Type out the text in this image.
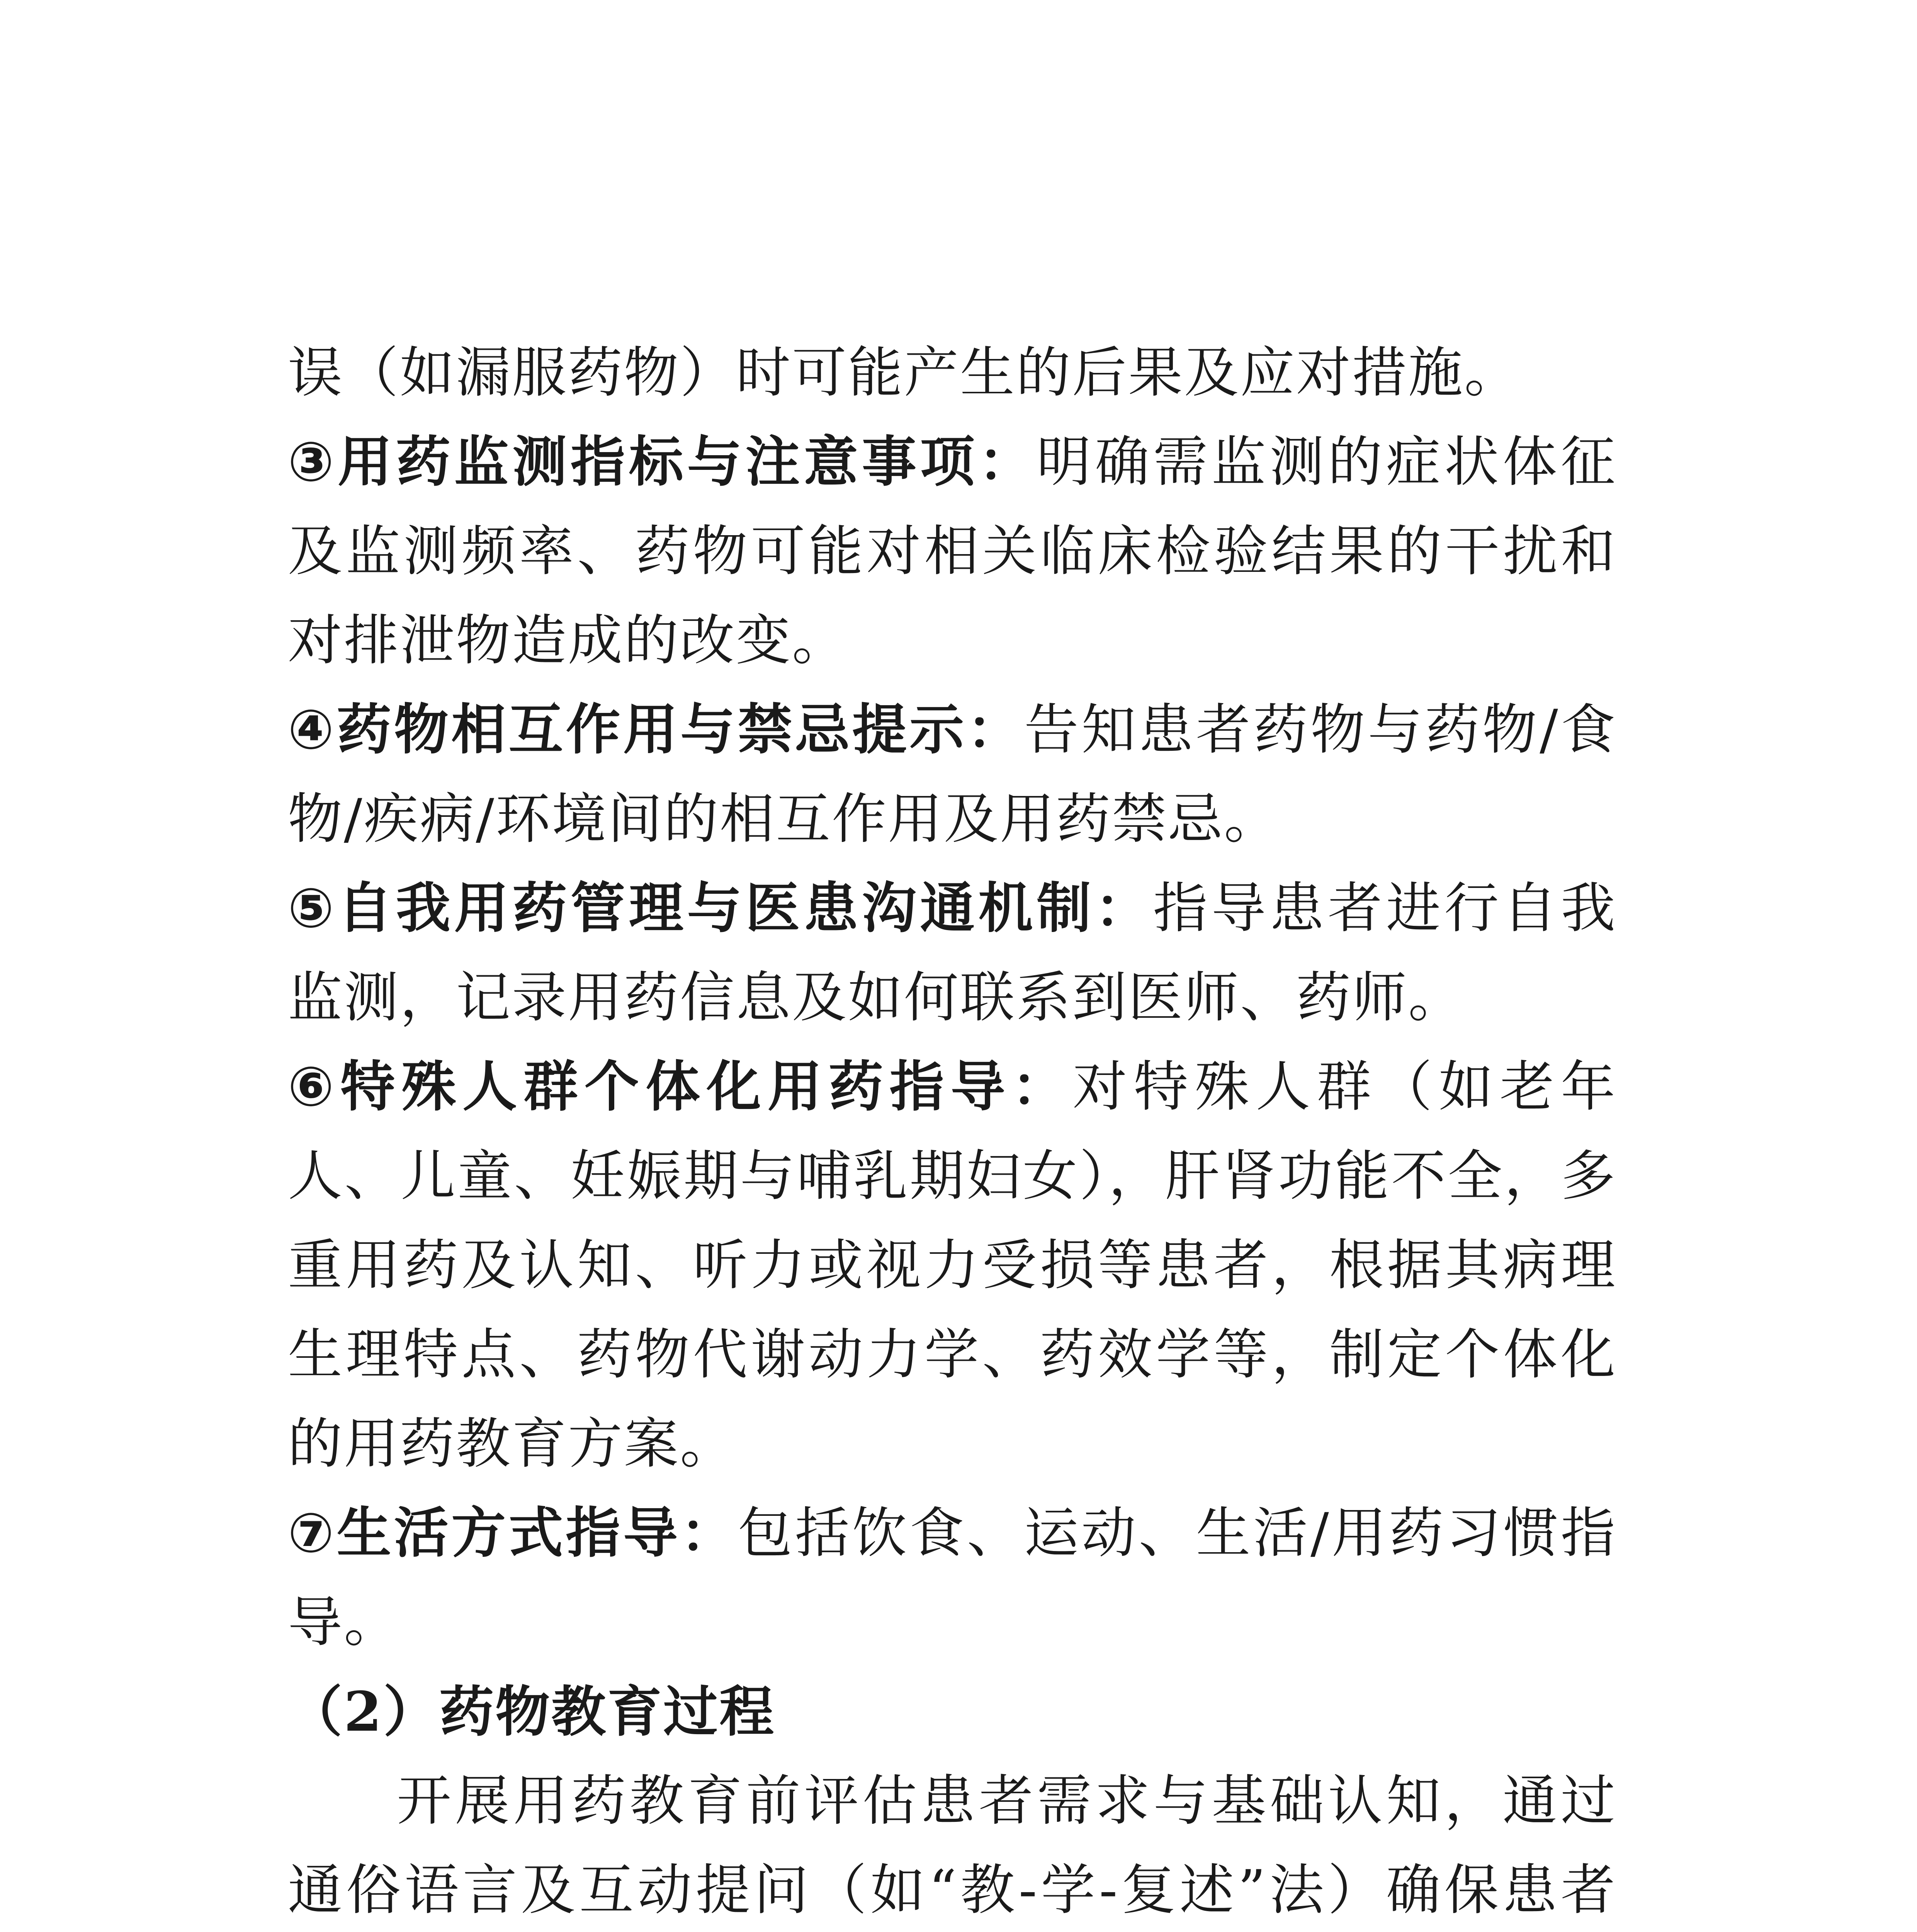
误（如漏服药物）时可能产生的后果及应对措施。

③用药监测指标与注意事项：明确需监测的症状体征及监测频率、药物可能对相关临床检验结果的干扰和对排泄物造成的改变。

④药物相互作用与禁忌提示：告知患者药物与药物/食物/疾病/环境间的相互作用及用药禁忌。

⑤自我用药管理与医患沟通机制：指导患者进行自我监测，记录用药信息及如何联系到医师、药师。

⑥特殊人群个体化用药指导：对特殊人群（如老年人、儿童、妊娠期与哺乳期妇女），肝肾功能不全，多重用药及认知、听力或视力受损等患者，根据其病理生理特点、药物代谢动力学、药效学等，制定个体化的用药教育方案。

⑦生活方式指导：包括饮食、运动、生活/用药习惯指导。

（2）药物教育过程

开展用药教育前评估患者需求与基础认知，通过通俗语言及互动提问（如“教-学-复述”法）确保患者
